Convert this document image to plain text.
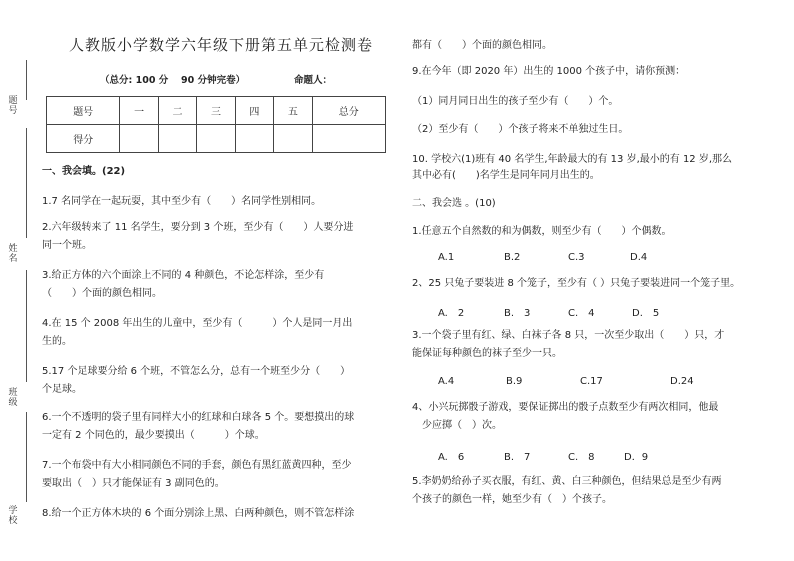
题号
姓名
班级
学校
人教版小学数学六年级下册第五单元检测卷
（总分: 100 分　 90 分钟完卷）	命题人：
题号	一	二	三	四	五	总分
得分						
一、我会填。(22)
1.7 名同学在一起玩耍，其中至少有（　　）名同学性别相同。
2.六年级转来了 11 名学生，要分到 3 个班，至少有（　　）人要分进
同一个班。
3.给正方体的六个面涂上不同的 4 种颜色，不论怎样涂，至少有
（　　）个面的颜色相同。
4.在 15 个 2008 年出生的儿童中，至少有（　　　）个人是同一月出
生的。
5.17 个足球要分给 6 个班，不管怎么分，总有一个班至少分（　　）
个足球。
6.一个不透明的袋子里有同样大小的红球和白球各 5 个。要想摸出的球
一定有 2 个同色的，最少要摸出（　　　）个球。
7.一个布袋中有大小相同颜色不同的手套，颜色有黑红蓝黄四种，至少
要取出（　）只才能保证有 3 副同色的。
8.给一个正方体木块的 6 个面分别涂上黑、白两种颜色，则不管怎样涂
都有（　　）个面的颜色相同。
9.在今年（即 2020 年）出生的 1000 个孩子中，请你预测：
（1）同月同日出生的孩子至少有（　　）个。
（2）至少有（　　）个孩子将来不单独过生日。
10. 学校六(1)班有 40 名学生,年龄最大的有 13 岁,最小的有 12 岁,那么
其中必有(　　)名学生是同年同月出生的。
二、我会选 。(10)
1.任意五个自然数的和为偶数，则至少有（　　）个偶数。
A.1	B.2	C.3	D.4
2、25 只兔子要装进 8 个笼子，至少有（ ）只兔子要装进同一个笼子里。
A.　2	B.　3	C.　4	D.　5
3.一个袋子里有红、绿、白袜子各 8 只，一次至少取出（　　）只，才
能保证每种颜色的袜子至少一只。
A.4	B.9	C.17	D.24
4、小兴玩掷骰子游戏，要保证掷出的骰子点数至少有两次相同，他最
　少应掷（　）次。
A.　6	B.　7	C.　8	D．9
5.李奶奶给孙子买衣服，有红、黄、白三种颜色，但结果总是至少有两
个孩子的颜色一样，她至少有（　）个孩子。
